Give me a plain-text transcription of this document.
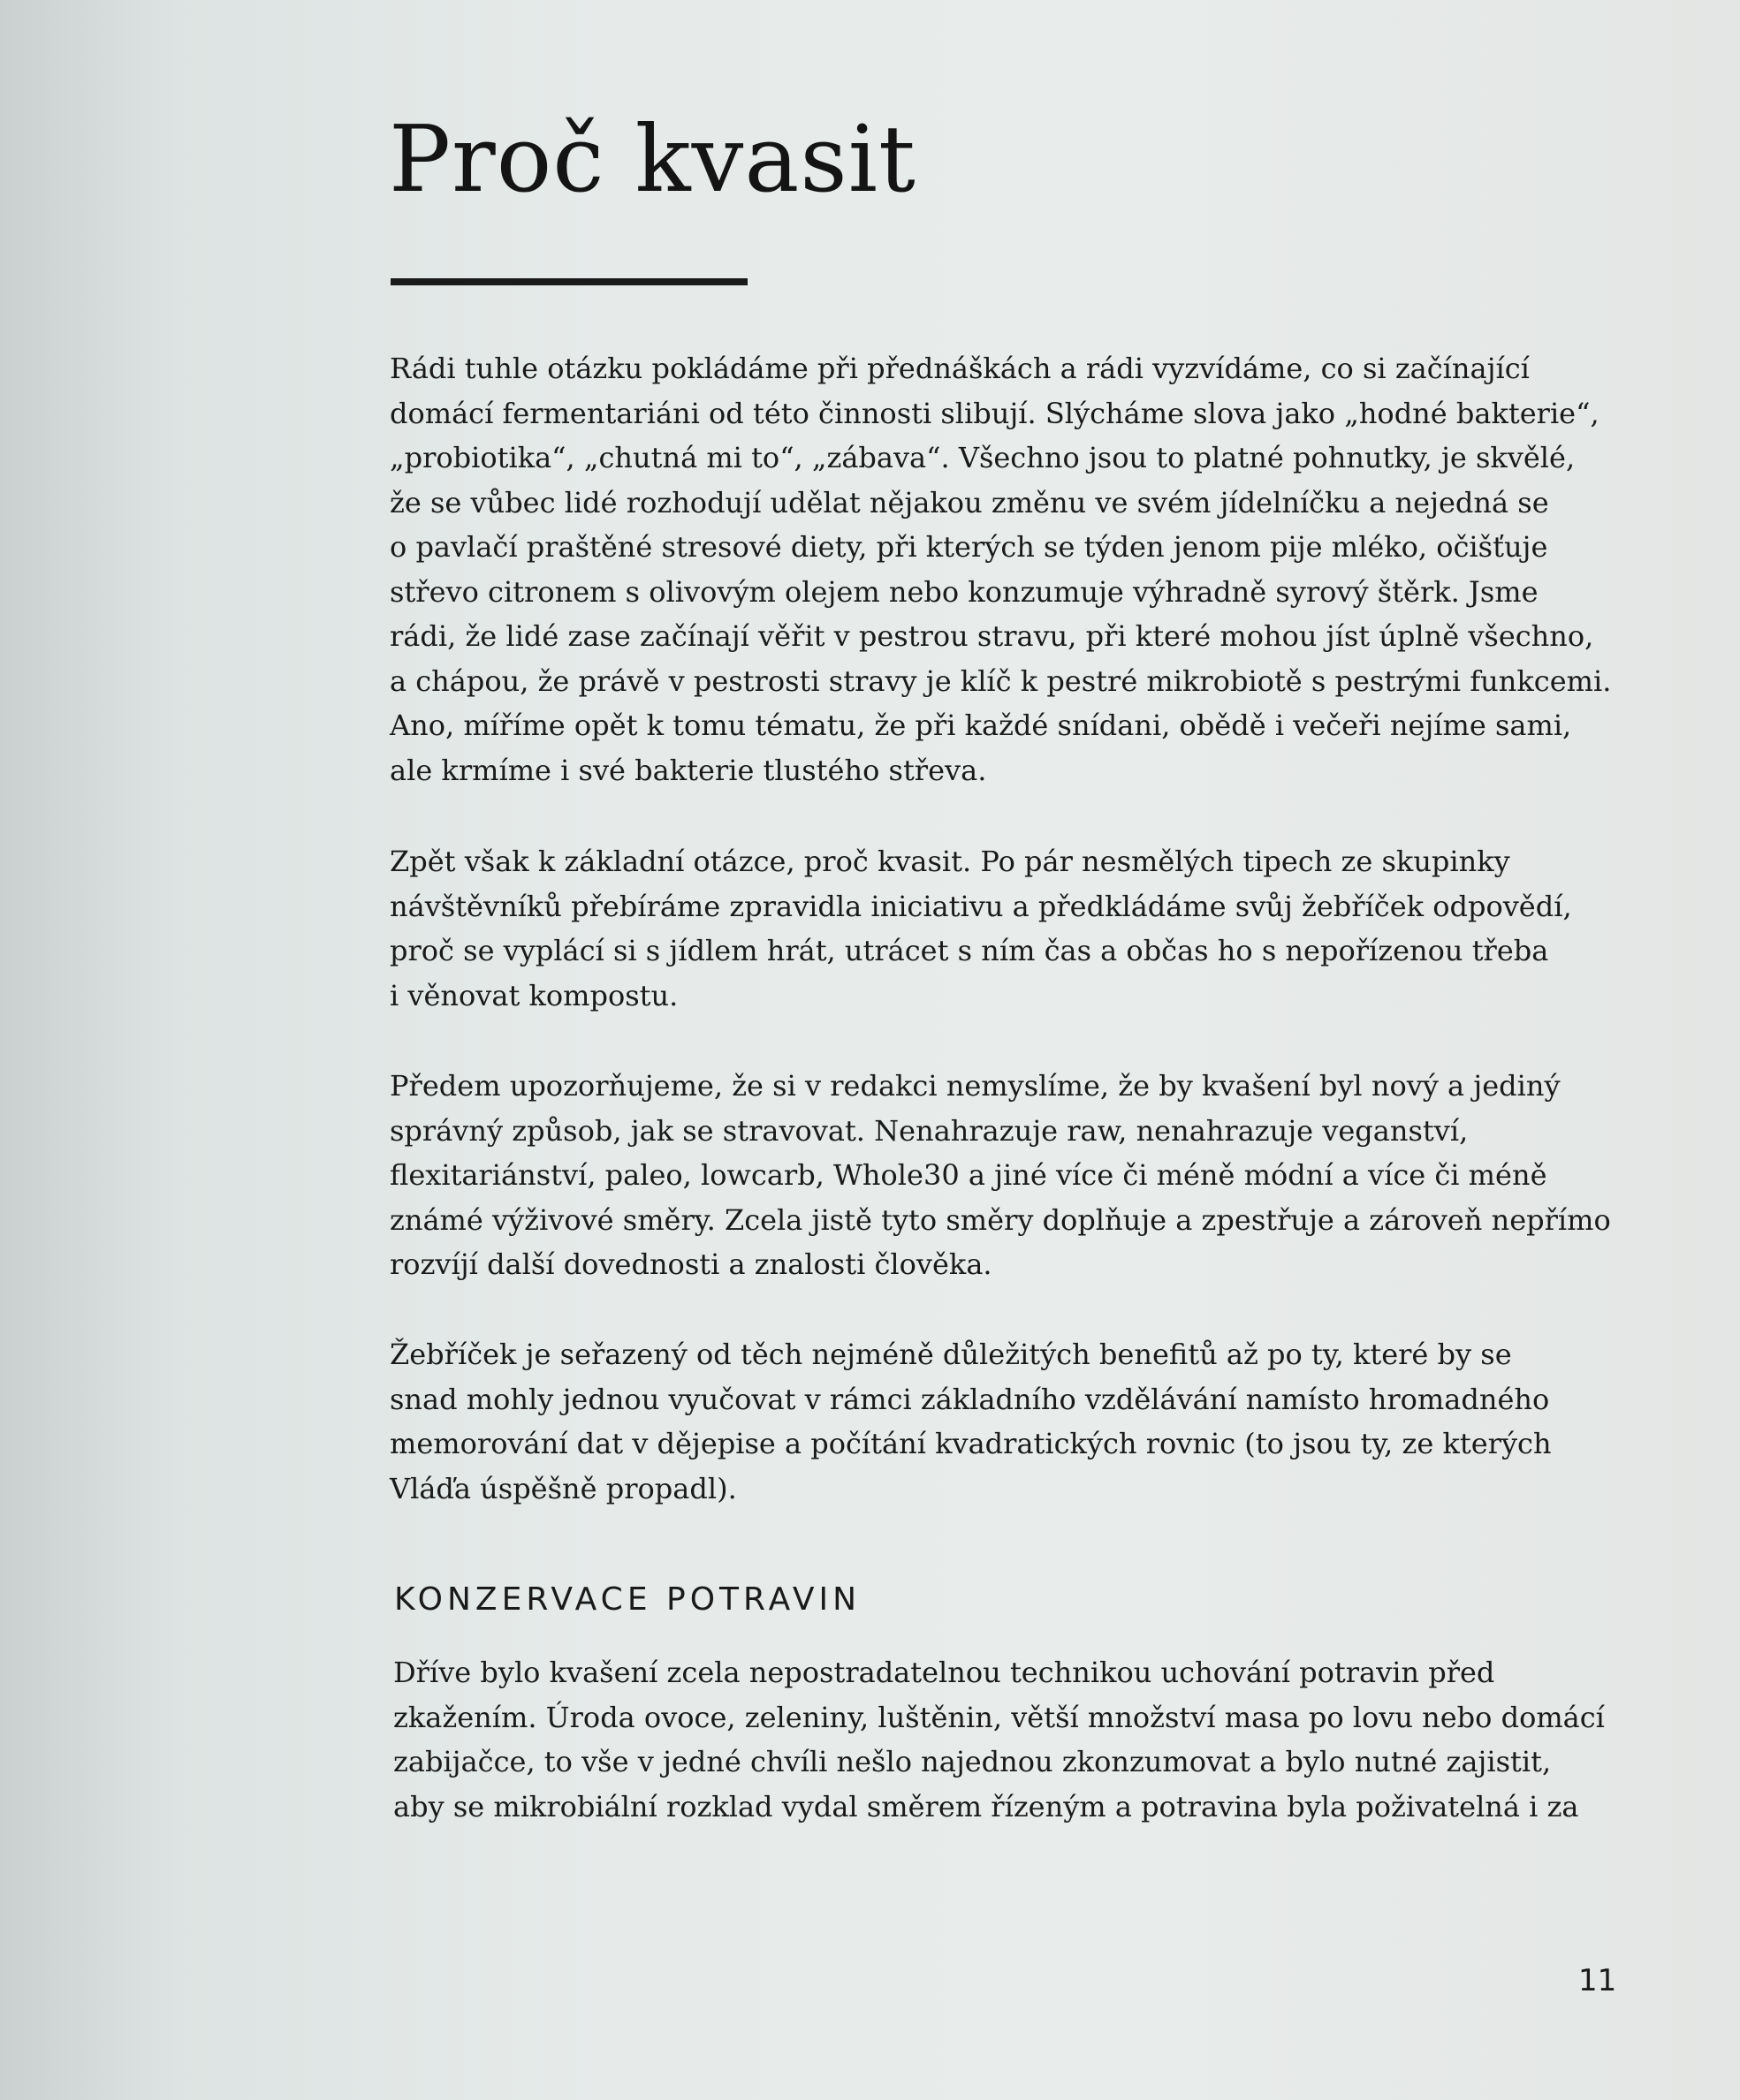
Proč kvasit

Rádi tuhle otázku pokládáme při přednáškách a rádi vyzvídáme, co si začínající
domácí fermentariáni od této činnosti slibují. Slýcháme slova jako „hodné bakterie“,
„probiotika“, „chutná mi to“, „zábava“. Všechno jsou to platné pohnutky, je skvělé,
že se vůbec lidé rozhodují udělat nějakou změnu ve svém jídelníčku a nejedná se
o pavlačí praštěné stresové diety, při kterých se týden jenom pije mléko, očišťuje
střevo citronem s olivovým olejem nebo konzumuje výhradně syrový štěrk. Jsme
rádi, že lidé zase začínají věřit v pestrou stravu, při které mohou jíst úplně všechno,
a chápou, že právě v pestrosti stravy je klíč k pestré mikrobiotě s pestrými funkcemi.
Ano, míříme opět k tomu tématu, že při každé snídani, obědě i večeři nejíme sami,
ale krmíme i své bakterie tlustého střeva.

Zpět však k základní otázce, proč kvasit. Po pár nesmělých tipech ze skupinky
návštěvníků přebíráme zpravidla iniciativu a předkládáme svůj žebříček odpovědí,
proč se vyplácí si s jídlem hrát, utrácet s ním čas a občas ho s nepořízenou třeba
i věnovat kompostu.

Předem upozorňujeme, že si v redakci nemyslíme, že by kvašení byl nový a jediný
správný způsob, jak se stravovat. Nenahrazuje raw, nenahrazuje veganství,
flexitariánství, paleo, lowcarb, Whole30 a jiné více či méně módní a více či méně
známé výživové směry. Zcela jistě tyto směry doplňuje a zpestřuje a zároveň nepřímo
rozvíjí další dovednosti a znalosti člověka.

Žebříček je seřazený od těch nejméně důležitých benefitů až po ty, které by se
snad mohly jednou vyučovat v rámci základního vzdělávání namísto hromadného
memorování dat v dějepise a počítání kvadratických rovnic (to jsou ty, ze kterých
Vláďa úspěšně propadl).

KONZERVACE POTRAVIN

Dříve bylo kvašení zcela nepostradatelnou technikou uchování potravin před
zkažením. Úroda ovoce, zeleniny, luštěnin, větší množství masa po lovu nebo domácí
zabijačce, to vše v jedné chvíli nešlo najednou zkonzumovat a bylo nutné zajistit,
aby se mikrobiální rozklad vydal směrem řízeným a potravina byla poživatelná i za

11
